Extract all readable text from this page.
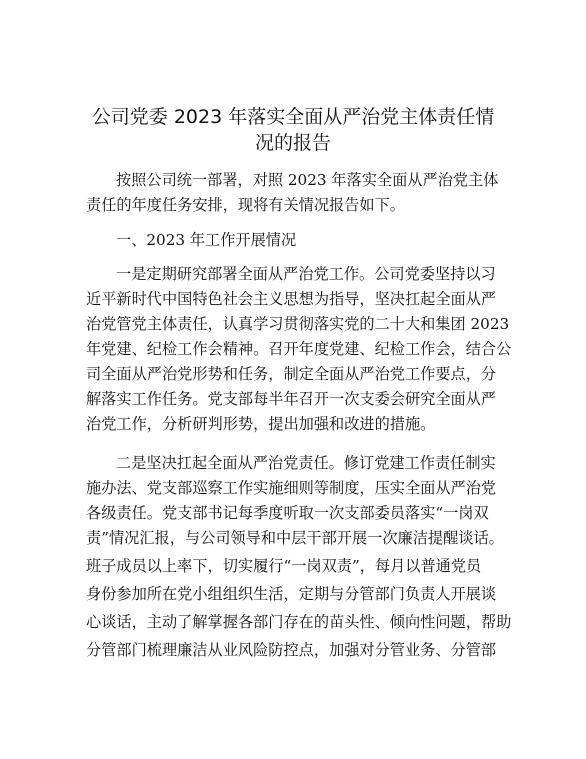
公司党委 2023 年落实全面从严治党主体责任情
况的报告
按照公司统一部署，对照 2023 年落实全面从严治党主体
责任的年度任务安排，现将有关情况报告如下。
一、2023 年工作开展情况
一是定期研究部署全面从严治党工作。公司党委坚持以习
近平新时代中国特色社会主义思想为指导，坚决扛起全面从严
治党管党主体责任，认真学习贯彻落实党的二十大和集团 2023
年党建、纪检工作会精神。召开年度党建、纪检工作会，结合公
司全面从严治党形势和任务，制定全面从严治党工作要点，分
解落实工作任务。党支部每半年召开一次支委会研究全面从严
治党工作，分析研判形势，提出加强和改进的措施。
二是坚决扛起全面从严治党责任。修订党建工作责任制实
施办法、党支部巡察工作实施细则等制度，压实全面从严治党
各级责任。党支部书记每季度听取一次支部委员落实“一岗双
责”情况汇报，与公司领导和中层干部开展一次廉洁提醒谈话。
班子成员以上率下，切实履行“一岗双责”，每月以普通党员
身份参加所在党小组组织生活，定期与分管部门负责人开展谈
心谈话，主动了解掌握各部门存在的苗头性、倾向性问题，帮助
分管部门梳理廉洁从业风险防控点，加强对分管业务、分管部
